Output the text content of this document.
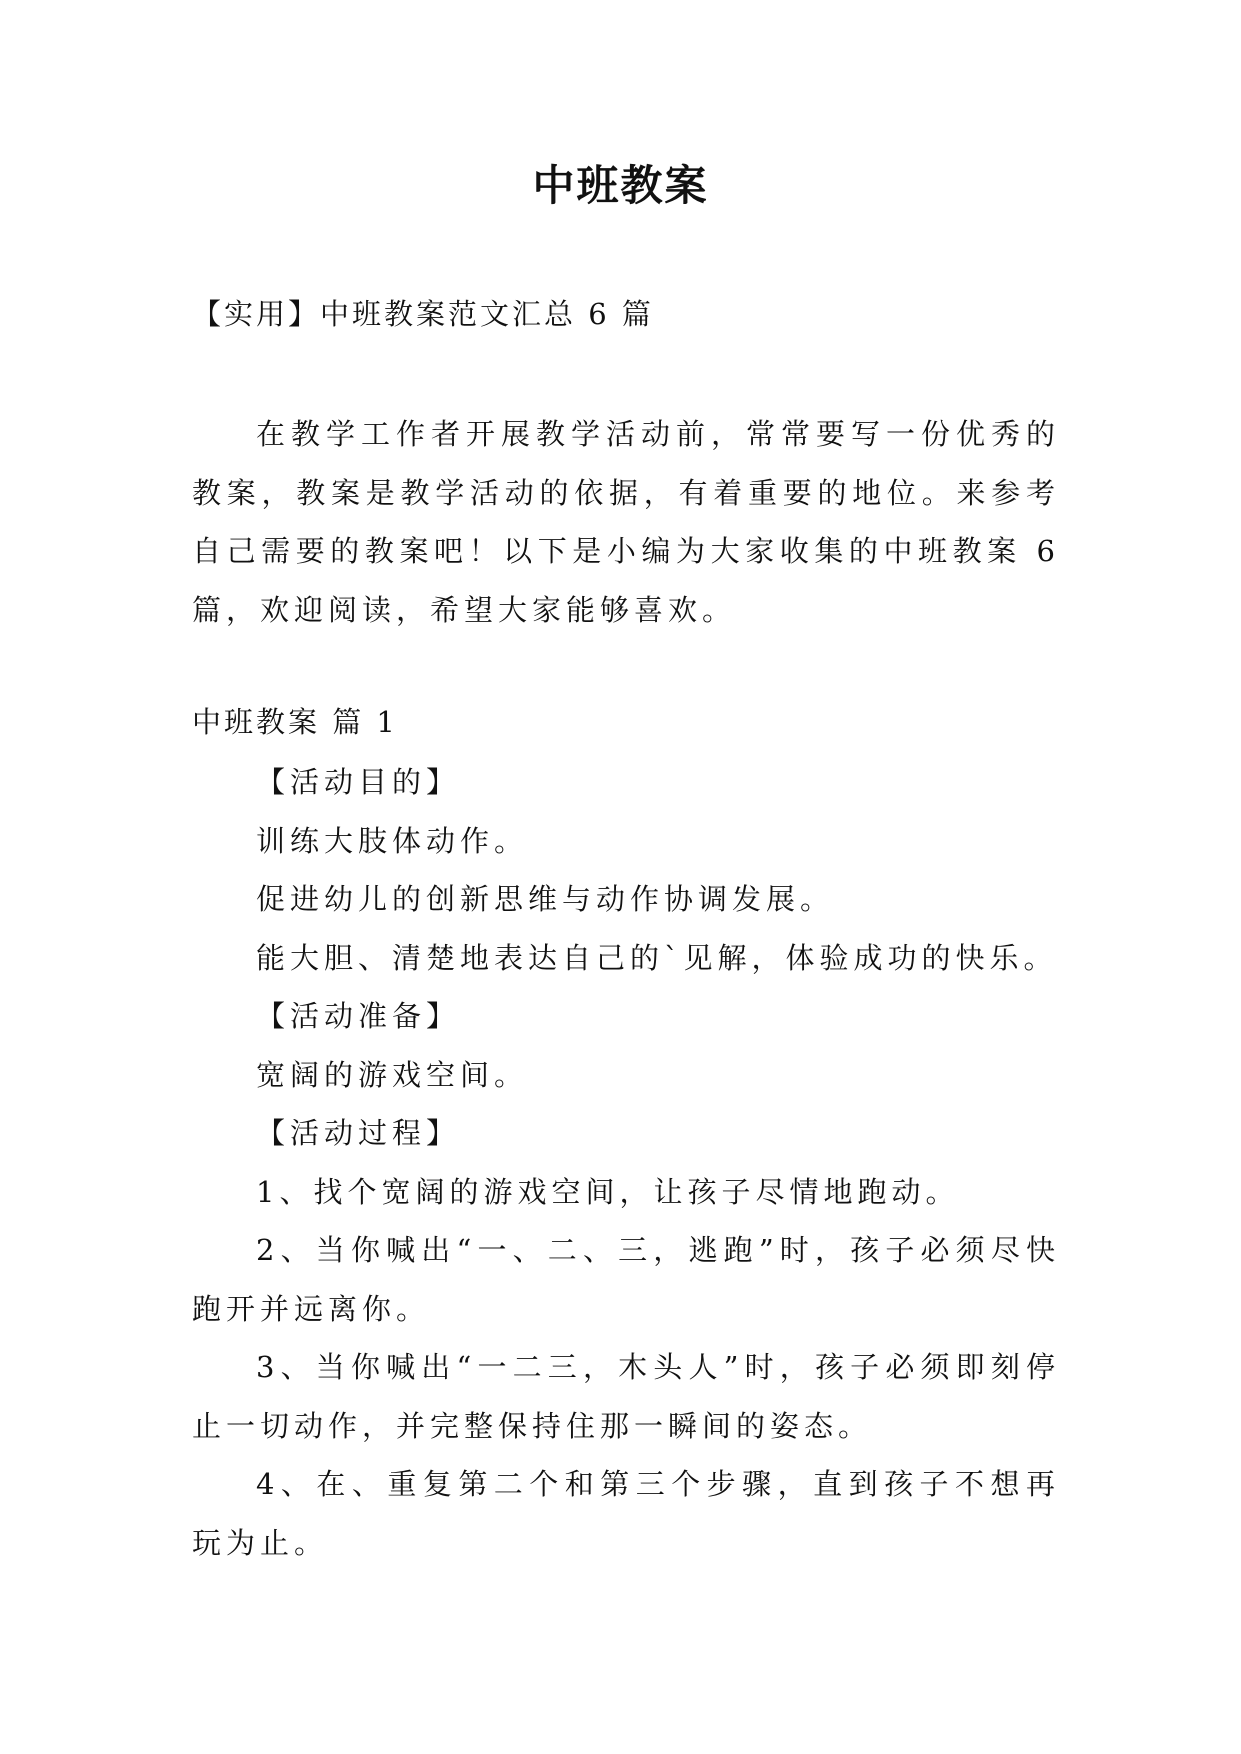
中班教案
【实用】中班教案范文汇总 6 篇

在教学工作者开展教学活动前，常常要写一份优秀的教案，教案是教学活动的依据，有着重要的地位。来参考自己需要的教案吧！以下是小编为大家收集的中班教案 6 篇，欢迎阅读，希望大家能够喜欢。

中班教案 篇 1

【活动目的】

训练大肢体动作。

促进幼儿的创新思维与动作协调发展。

能大胆、清楚地表达自己的`见解，体验成功的快乐。

【活动准备】

宽阔的游戏空间。

【活动过程】

1、找个宽阔的游戏空间，让孩子尽情地跑动。

2、当你喊出“一、二、三，逃跑”时，孩子必须尽快跑开并远离你。

3、当你喊出“一二三，木头人”时，孩子必须即刻停止一切动作，并完整保持住那一瞬间的姿态。

4、在、重复第二个和第三个步骤，直到孩子不想再玩为止。
